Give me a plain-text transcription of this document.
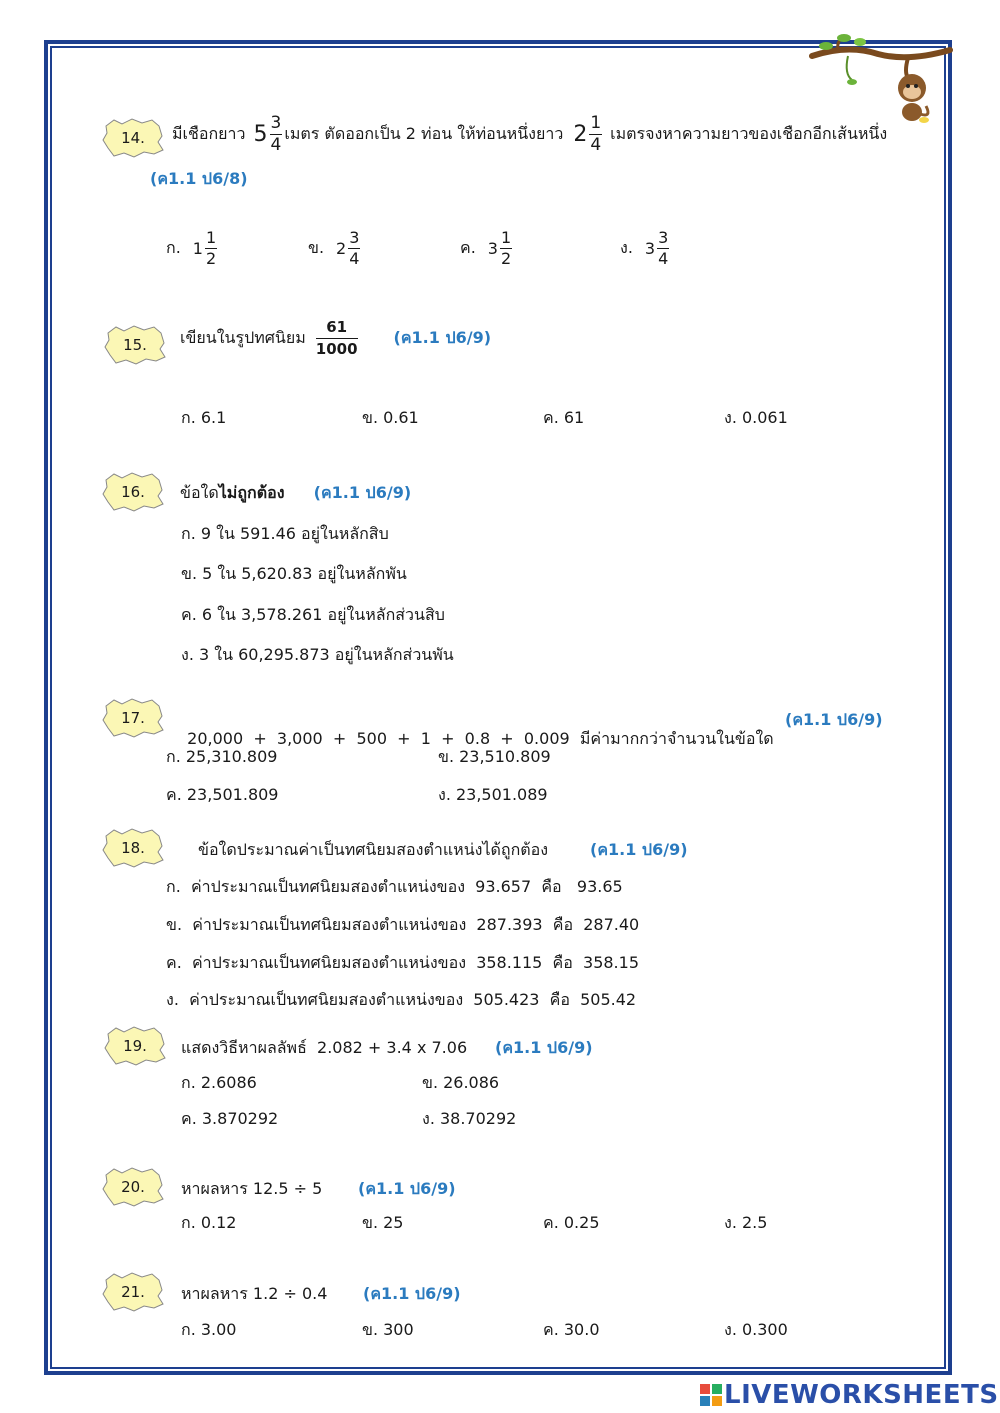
14.	มีเชือกยาว $5 \frac{3}{4}$ เมตร ตัดออกเป็น 2 ท่อน ให้ท่อนหนึ่งยาว $2 \frac{1}{4}$ เมตรจงหาความยาวของเชือกอีกเส้นหนึ่ง
(ค1.1 ป6/8)
ก. $1 \frac{1}{2}$	ข. $2 \frac{3}{4}$	ค. $3 \frac{1}{2}$	ง. $3 \frac{3}{4}$
15.	เขียนในรูปทศนิยม $\frac{61}{1000}$ (ค1.1 ป6/9)
ก. 6.1	ข. 0.61	ค. 61	ง. 0.061
16.	ข้อใดไม่ถูกต้อง (ค1.1 ป6/9)
ก. 9 ใน 591.46 อยู่ในหลักสิบ
ข. 5 ใน 5,620.83 อยู่ในหลักพัน
ค. 6 ใน 3,578.261 อยู่ในหลักส่วนสิบ
ง. 3 ใน 60,295.873 อยู่ในหลักส่วนพัน
17.

20,000  +  3,000  +  500  +  1  +  0.8  +  0.009  มีค่ามากกว่าจำนวนในข้อใด

(ค1.1 ป6/9)
ก. 25,310.809	ข. 23,510.809
ค. 23,501.809	ง. 23,501.089
18.	ข้อใดประมาณค่าเป็นทศนิยมสองตำแหน่งได้ถูกต้อง	(ค1.1 ป6/9)
ก.  ค่าประมาณเป็นทศนิยมสองตำแหน่งของ  93.657  คือ   93.65
ข.  ค่าประมาณเป็นทศนิยมสองตำแหน่งของ  287.393  คือ  287.40
ค.  ค่าประมาณเป็นทศนิยมสองตำแหน่งของ  358.115  คือ  358.15
ง.  ค่าประมาณเป็นทศนิยมสองตำแหน่งของ  505.423  คือ  505.42
19.	แสดงวิธีหาผลลัพธ์  2.082 + 3.4 x 7.06 (ค1.1 ป6/9)
ก. 2.6086	ข. 26.086
ค. 3.870292	ง. 38.70292
20.	หาผลหาร 12.5 ÷ 5 (ค1.1 ป6/9)
ก. 0.12	ข. 25	ค. 0.25	ง. 2.5
21.	หาผลหาร 1.2 ÷ 0.4 (ค1.1 ป6/9)
ก. 3.00	ข. 300	ค. 30.0	ง. 0.300
LIVEWORKSHEETS
